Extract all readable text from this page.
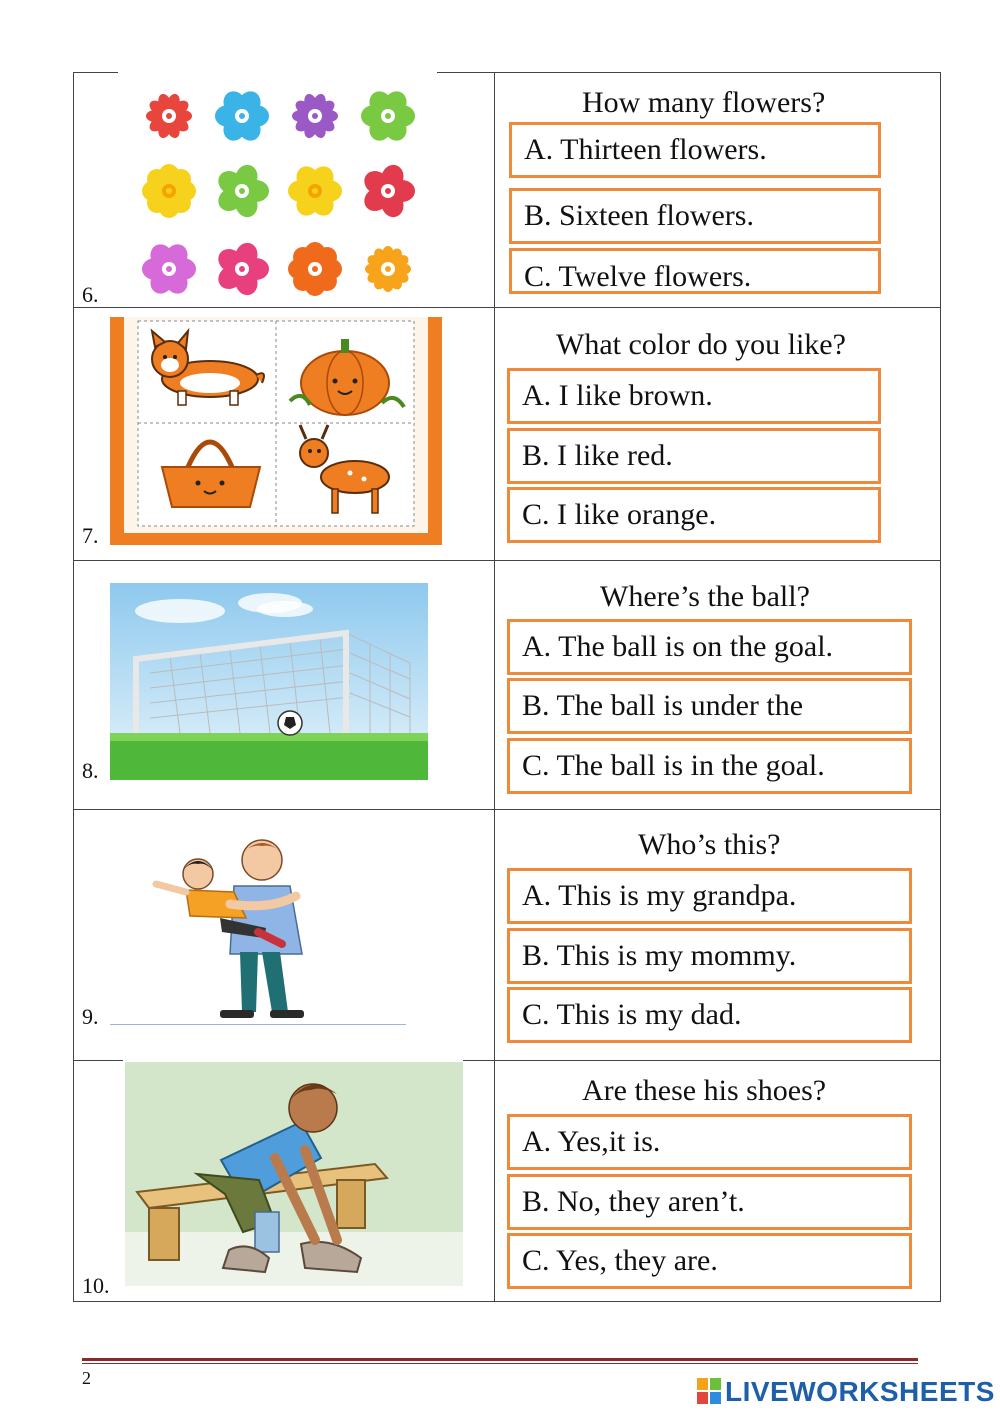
6.
How many flowers?
A. Thirteen flowers.
B. Sixteen flowers.
C. Twelve flowers.
7.
What color do you like?
A. I like brown.
B. I like red.
C. I like orange.
8.
Where’s the ball?
A. The ball is on the goal.
B. The ball is under the
C. The ball is in the goal.
9.
Who’s this?
A. This is my grandpa.
B. This is my mommy.
C. This is my dad.
10.
Are these his shoes?
A. Yes,it is.
B. No, they aren’t.
C. Yes, they are.
2	LIVEWORKSHEETS
